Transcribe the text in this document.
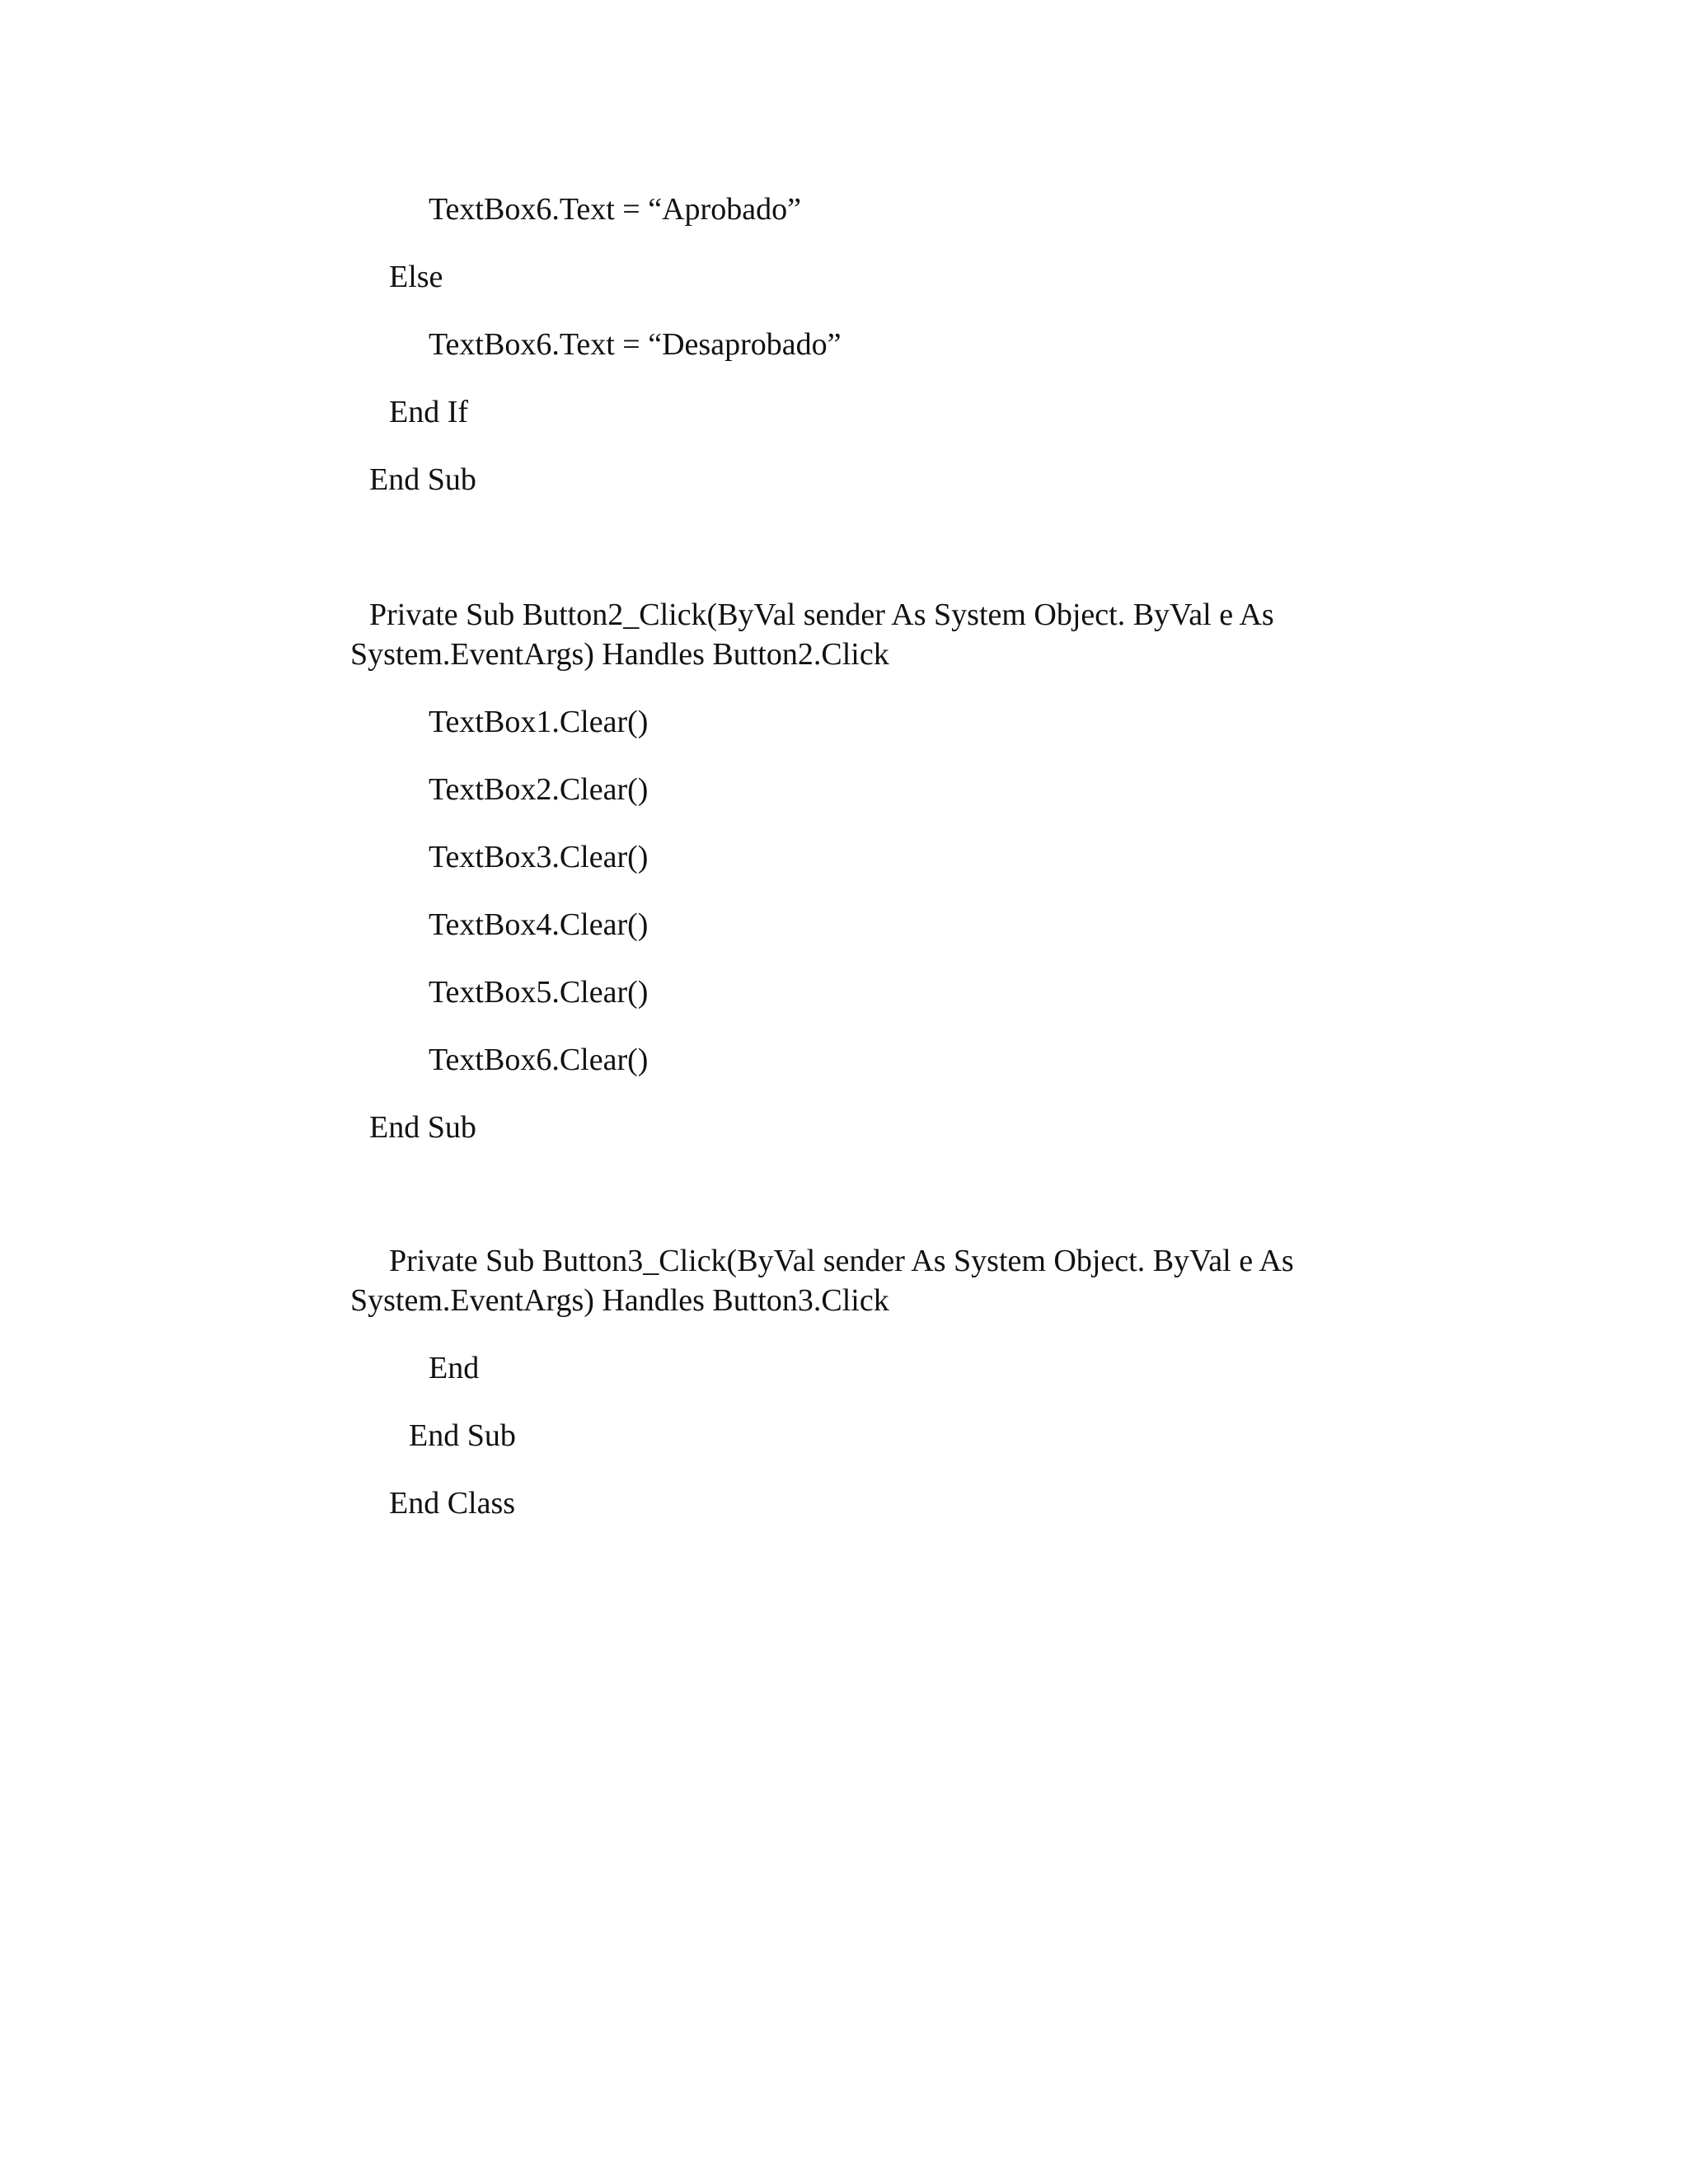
TextBox6.Text = “Aprobado”
Else
TextBox6.Text = “Desaprobado”
End If
End Sub
Private Sub Button2_Click(ByVal sender As System Object. ByVal e As
System.EventArgs) Handles Button2.Click
TextBox1.Clear()
TextBox2.Clear()
TextBox3.Clear()
TextBox4.Clear()
TextBox5.Clear()
TextBox6.Clear()
End Sub
Private Sub Button3_Click(ByVal sender As System Object. ByVal e As
System.EventArgs) Handles Button3.Click
End
End Sub
End Class
